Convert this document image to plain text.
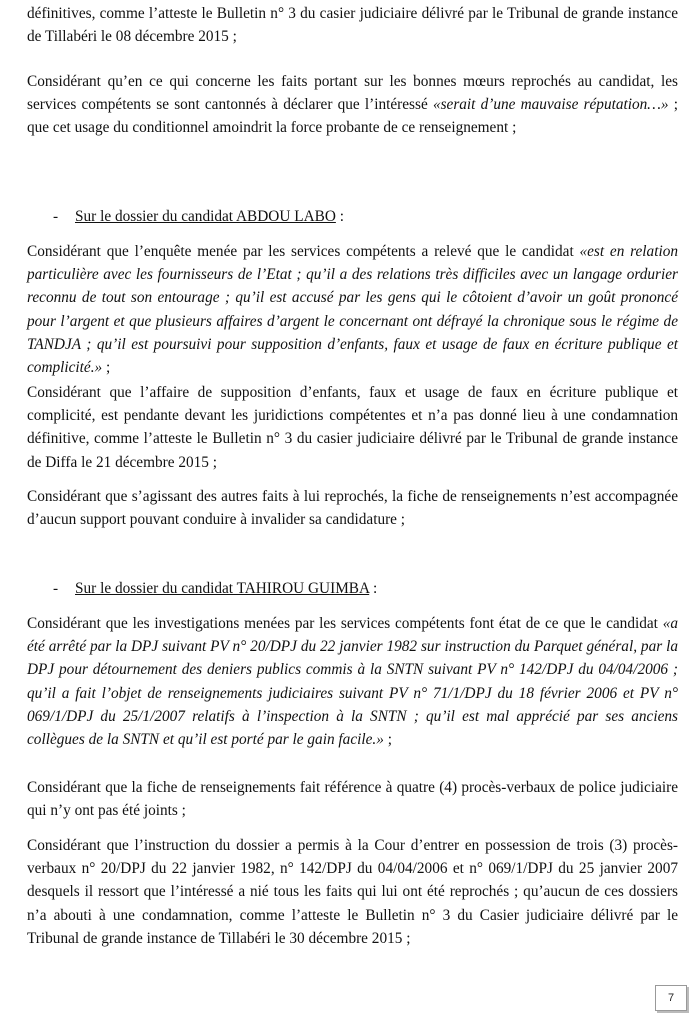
définitives, comme l’atteste le Bulletin n° 3 du casier judiciaire délivré par le Tribunal de grande instance de Tillabéri le 08 décembre 2015 ;

Considérant qu’en ce qui concerne les faits portant sur les bonnes mœurs reprochés au candidat, les services compétents se sont cantonnés à déclarer que l’intéressé «serait d’une mauvaise réputation…» ; que cet usage du conditionnel amoindrit la force probante de ce renseignement ;

- Sur le dossier du candidat ABDOU LABO :

Considérant que l’enquête menée par les services compétents a relevé que le candidat «est en relation particulière avec les fournisseurs de l’Etat ; qu’il a des relations très difficiles avec un langage ordurier reconnu de tout son entourage ; qu’il est accusé par les gens qui le côtoient d’avoir un goût prononcé pour l’argent et que plusieurs affaires d’argent le concernant ont défrayé la chronique sous le régime de TANDJA ; qu’il est poursuivi pour supposition d’enfants, faux et usage de faux en écriture publique et complicité.» ;

Considérant que l’affaire de supposition d’enfants, faux et usage de faux en écriture publique et complicité, est pendante devant les juridictions compétentes et n’a pas donné lieu à une condamnation définitive, comme l’atteste le Bulletin n° 3 du casier judiciaire délivré par le Tribunal de grande instance de Diffa le 21 décembre 2015 ;

Considérant que s’agissant des autres faits à lui reprochés, la fiche de renseignements n’est accompagnée d’aucun support pouvant conduire à invalider sa candidature ;

- Sur le dossier du candidat TAHIROU GUIMBA :

Considérant que les investigations menées par les services compétents font état de ce que le candidat «a été arrêté par la DPJ suivant PV n° 20/DPJ du 22 janvier 1982 sur instruction du Parquet général, par la DPJ pour détournement des deniers publics commis à la SNTN suivant PV n° 142/DPJ du 04/04/2006 ; qu’il a fait l’objet de renseignements judiciaires suivant PV n° 71/1/DPJ du 18 février 2006 et PV n° 069/1/DPJ du 25/1/2007 relatifs à l’inspection à la SNTN ; qu’il est mal apprécié par ses anciens collègues de la SNTN et qu’il est porté par le gain facile.» ;

Considérant que la fiche de renseignements fait référence à quatre (4) procès-verbaux de police judiciaire qui n’y ont pas été joints ;

Considérant que l’instruction du dossier a permis à la Cour d’entrer en possession de trois (3) procès-verbaux n° 20/DPJ du 22 janvier 1982, n° 142/DPJ du 04/04/2006 et n° 069/1/DPJ du 25 janvier 2007 desquels il ressort que l’intéressé a nié tous les faits qui lui ont été reprochés ; qu’aucun de ces dossiers n’a abouti à une condamnation, comme l’atteste le Bulletin n° 3 du Casier judiciaire délivré par le Tribunal de grande instance de Tillabéri le 30 décembre 2015 ;

7
